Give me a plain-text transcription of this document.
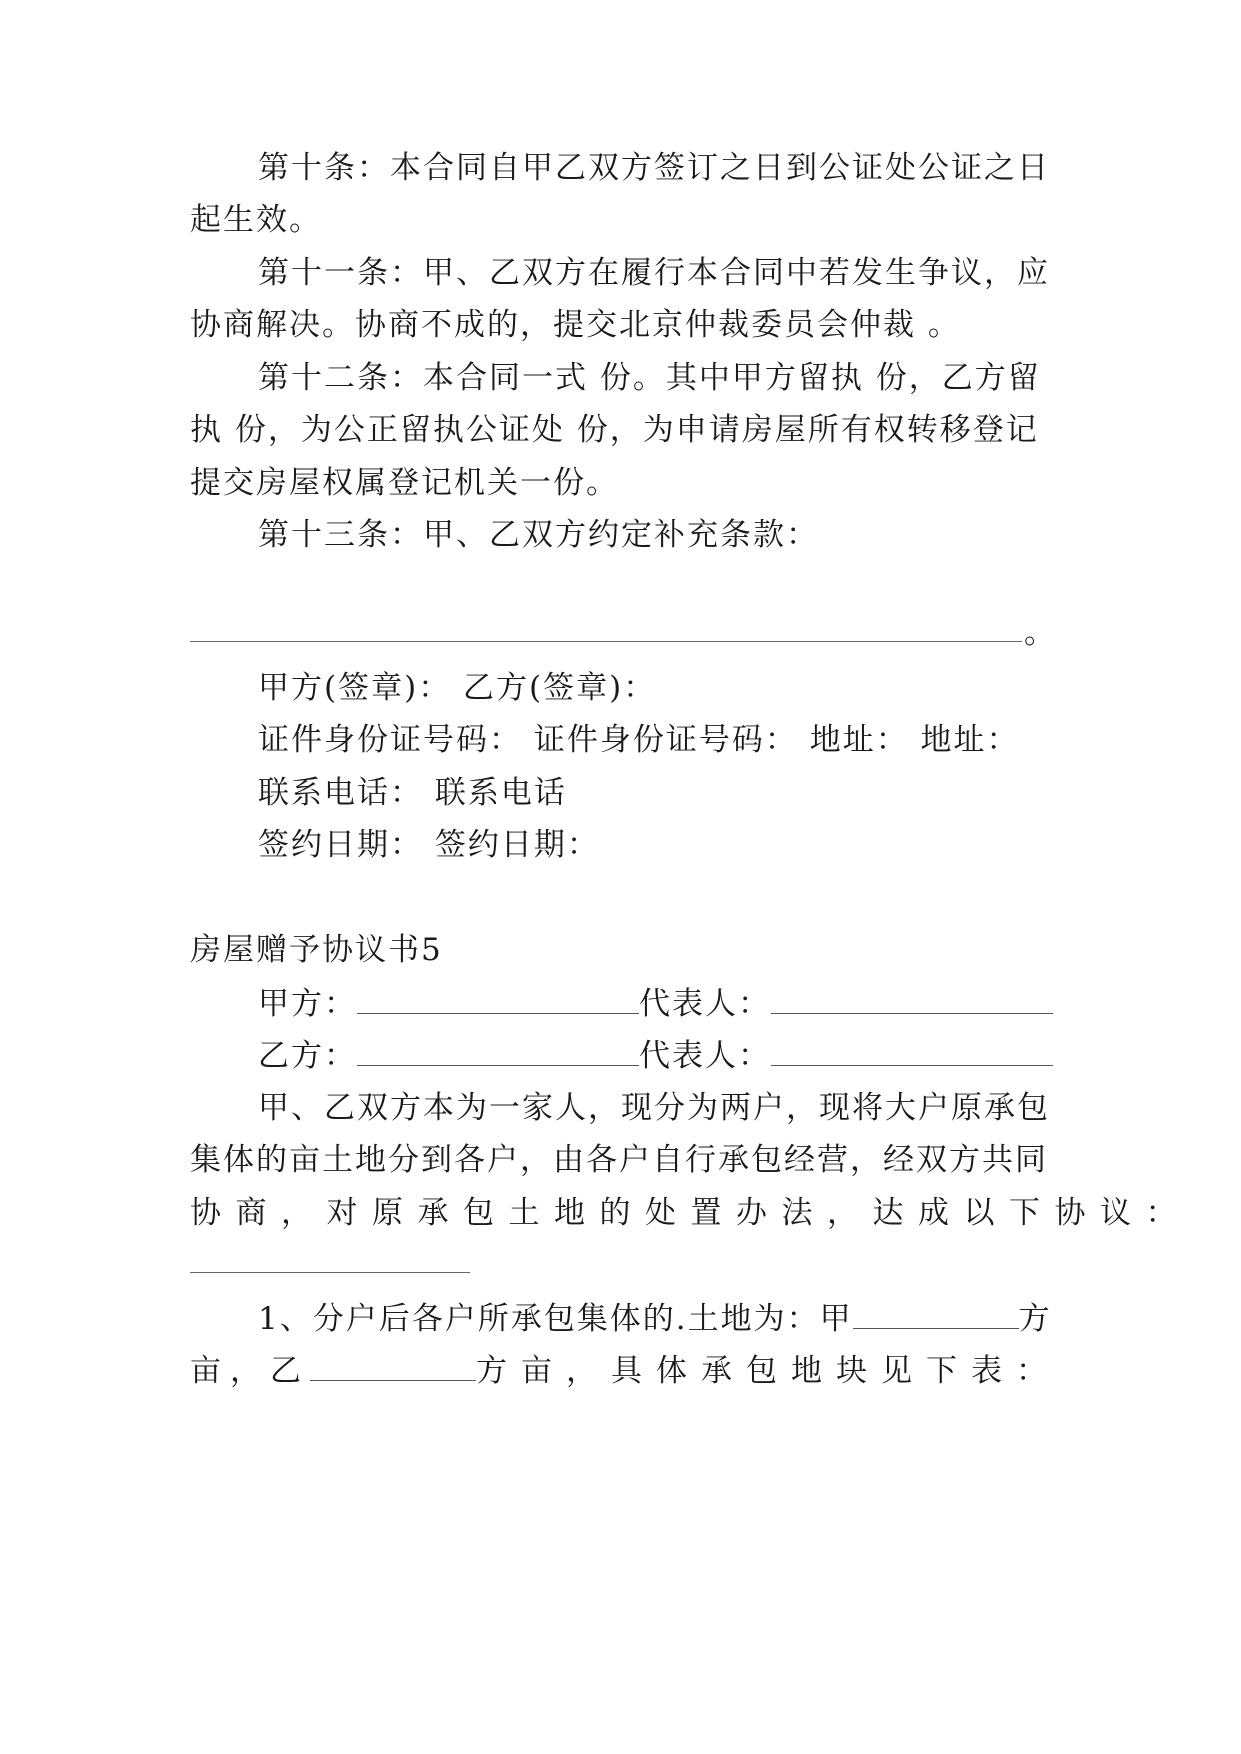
第十条：本合同自甲乙双方签订之日到公证处公证之日
起生效。
第十一条：甲、乙双方在履行本合同中若发生争议，应
协商解决。协商不成的，提交北京仲裁委员会仲裁 。
第十二条：本合同一式 份。其中甲方留执 份，乙方留
执 份，为公正留执公证处 份，为申请房屋所有权转移登记
提交房屋权属登记机关一份。
第十三条：甲、乙双方约定补充条款：
。
甲方(签章)： 乙方(签章)：
证件身份证号码： 证件身份证号码： 地址： 地址：
联系电话： 联系电话
签约日期： 签约日期：
房屋赠予协议书5
甲方：	代表人：
乙方：	代表人：
甲、乙双方本为一家人，现分为两户，现将大户原承包
集体的亩土地分到各户，由各户自行承包经营，经双方共同
协商，对原承包土地的处置办法，达成以下协议：
1、分户后各户所承包集体的.土地为：甲	方
亩，乙	方亩，具体承包地块见下表：
